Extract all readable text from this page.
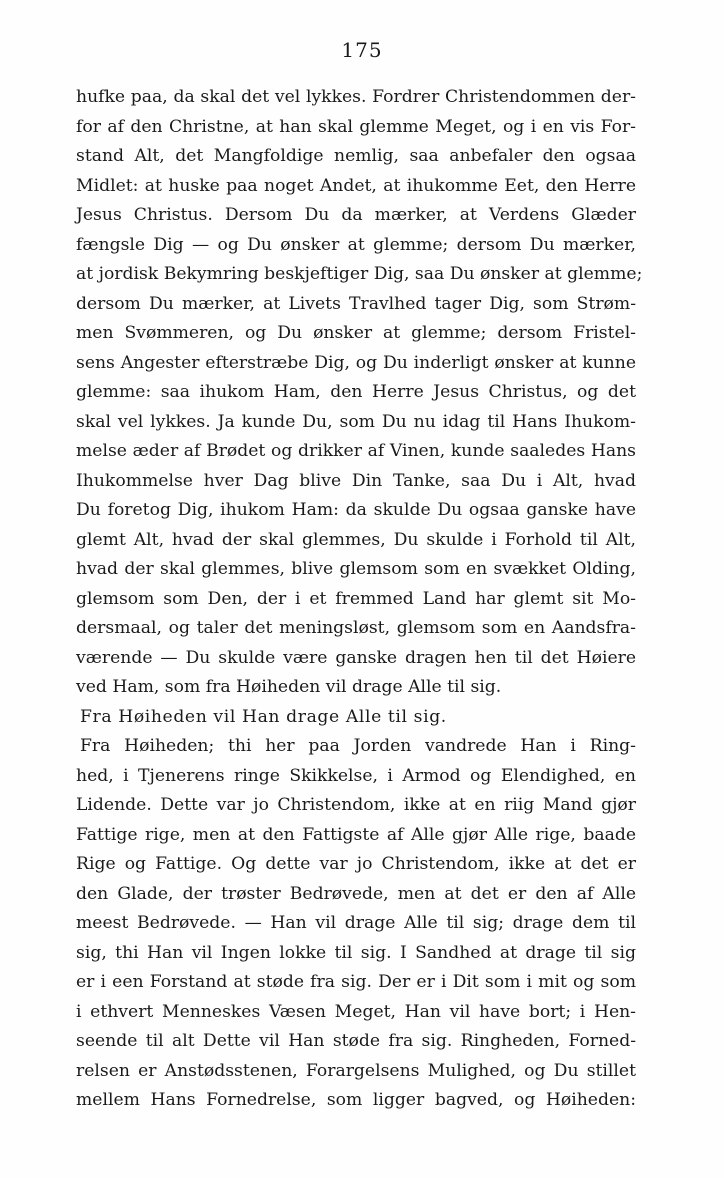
175
hufke paa, da skal det vel lykkes. Fordrer Christendommen der-
for af den Christne, at han skal glemme Meget, og i en vis For-
stand Alt, det Mangfoldige nemlig, saa anbefaler den ogsaa
Midlet: at huske paa noget Andet, at ihukomme Eet, den Herre
Jesus Christus. Dersom Du da mærker, at Verdens Glæder
fængsle Dig — og Du ønsker at glemme; dersom Du mærker,
at jordisk Bekymring beskjeftiger Dig, saa Du ønsker at glemme;
dersom Du mærker, at Livets Travlhed tager Dig, som Strøm-
men Svømmeren, og Du ønsker at glemme; dersom Fristel-
sens Angester efterstræbe Dig, og Du inderligt ønsker at kunne
glemme: saa ihukom Ham, den Herre Jesus Christus, og det
skal vel lykkes. Ja kunde Du, som Du nu idag til Hans Ihukom-
melse æder af Brødet og drikker af Vinen, kunde saaledes Hans
Ihukommelse hver Dag blive Din Tanke, saa Du i Alt, hvad
Du foretog Dig, ihukom Ham: da skulde Du ogsaa ganske have
glemt Alt, hvad der skal glemmes, Du skulde i Forhold til Alt,
hvad der skal glemmes, blive glemsom som en svækket Olding,
glemsom som Den, der i et fremmed Land har glemt sit Mo-
dersmaal, og taler det meningsløst, glemsom som en Aandsfra-
værende — Du skulde være ganske dragen hen til det Høiere
ved Ham, som fra Høiheden vil drage Alle til sig.
Fra Høiheden vil Han drage Alle til sig.
Fra Høiheden; thi her paa Jorden vandrede Han i Ring-
hed, i Tjenerens ringe Skikkelse, i Armod og Elendighed, en
Lidende. Dette var jo Christendom, ikke at en riig Mand gjør
Fattige rige, men at den Fattigste af Alle gjør Alle rige, baade
Rige og Fattige. Og dette var jo Christendom, ikke at det er
den Glade, der trøster Bedrøvede, men at det er den af Alle
meest Bedrøvede. — Han vil drage Alle til sig; drage dem til
sig, thi Han vil Ingen lokke til sig. I Sandhed at drage til sig
er i een Forstand at støde fra sig. Der er i Dit som i mit og som
i ethvert Menneskes Væsen Meget, Han vil have bort; i Hen-
seende til alt Dette vil Han støde fra sig. Ringheden, Forned-
relsen er Anstødsstenen, Forargelsens Mulighed, og Du stillet
mellem Hans Fornedrelse, som ligger bagved, og Høiheden:
